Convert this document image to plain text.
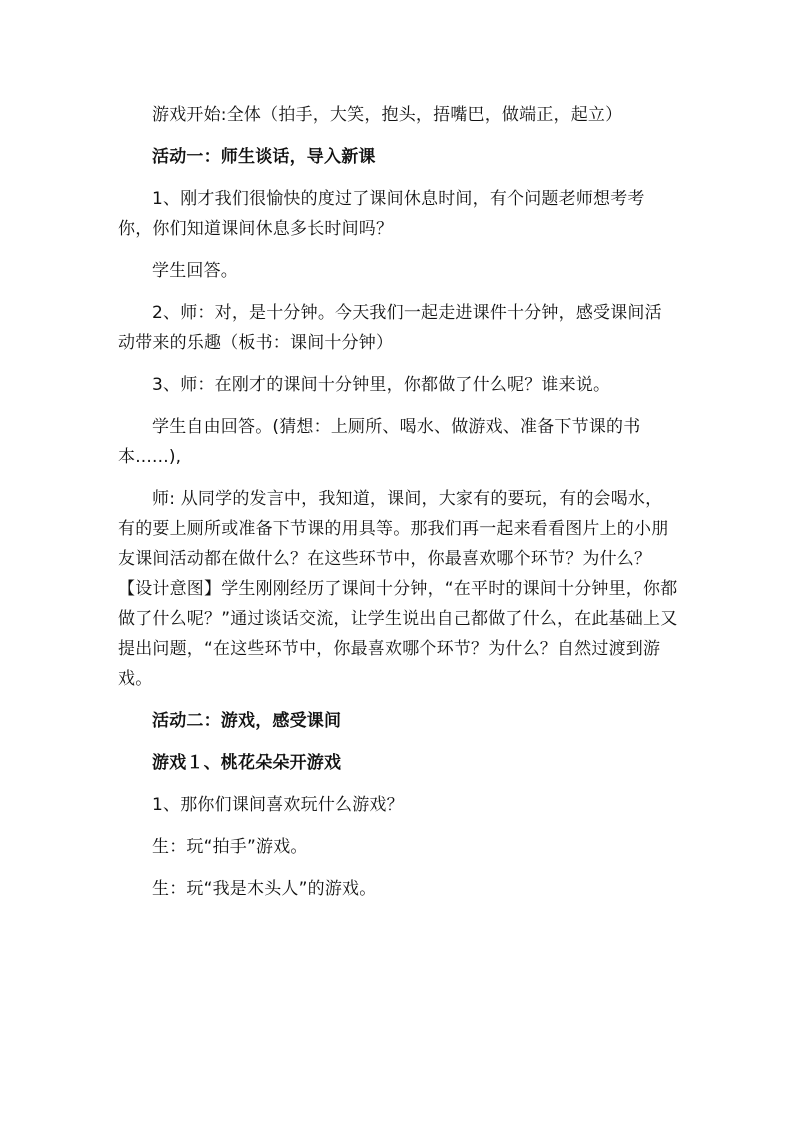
游戏开始:全体（拍手，大笑，抱头，捂嘴巴，做端正，起立）

活动一：师生谈话，导入新课

1、刚才我们很愉快的度过了课间休息时间，有个问题老师想考考你，你们知道课间休息多长时间吗？

学生回答。

2、师：对，是十分钟。今天我们一起走进课件十分钟，感受课间活动带来的乐趣（板书：课间十分钟）

3、师：在刚才的课间十分钟里，你都做了什么呢？谁来说。

学生自由回答。(猜想：上厕所、喝水、做游戏、准备下节课的书本......),

师: 从同学的发言中，我知道，课间，大家有的要玩，有的会喝水，有的要上厕所或准备下节课的用具等。那我们再一起来看看图片上的小朋友课间活动都在做什么？在这些环节中，你最喜欢哪个环节？为什么？【设计意图】学生刚刚经历了课间十分钟，“在平时的课间十分钟里，你都做了什么呢？”通过谈话交流，让学生说出自己都做了什么，在此基础上又提出问题，“在这些环节中，你最喜欢哪个环节？为什么？自然过渡到游戏。

活动二：游戏，感受课间

游戏１、桃花朵朵开游戏

1、那你们课间喜欢玩什么游戏？

生：玩“拍手”游戏。

生：玩“我是木头人”的游戏。
